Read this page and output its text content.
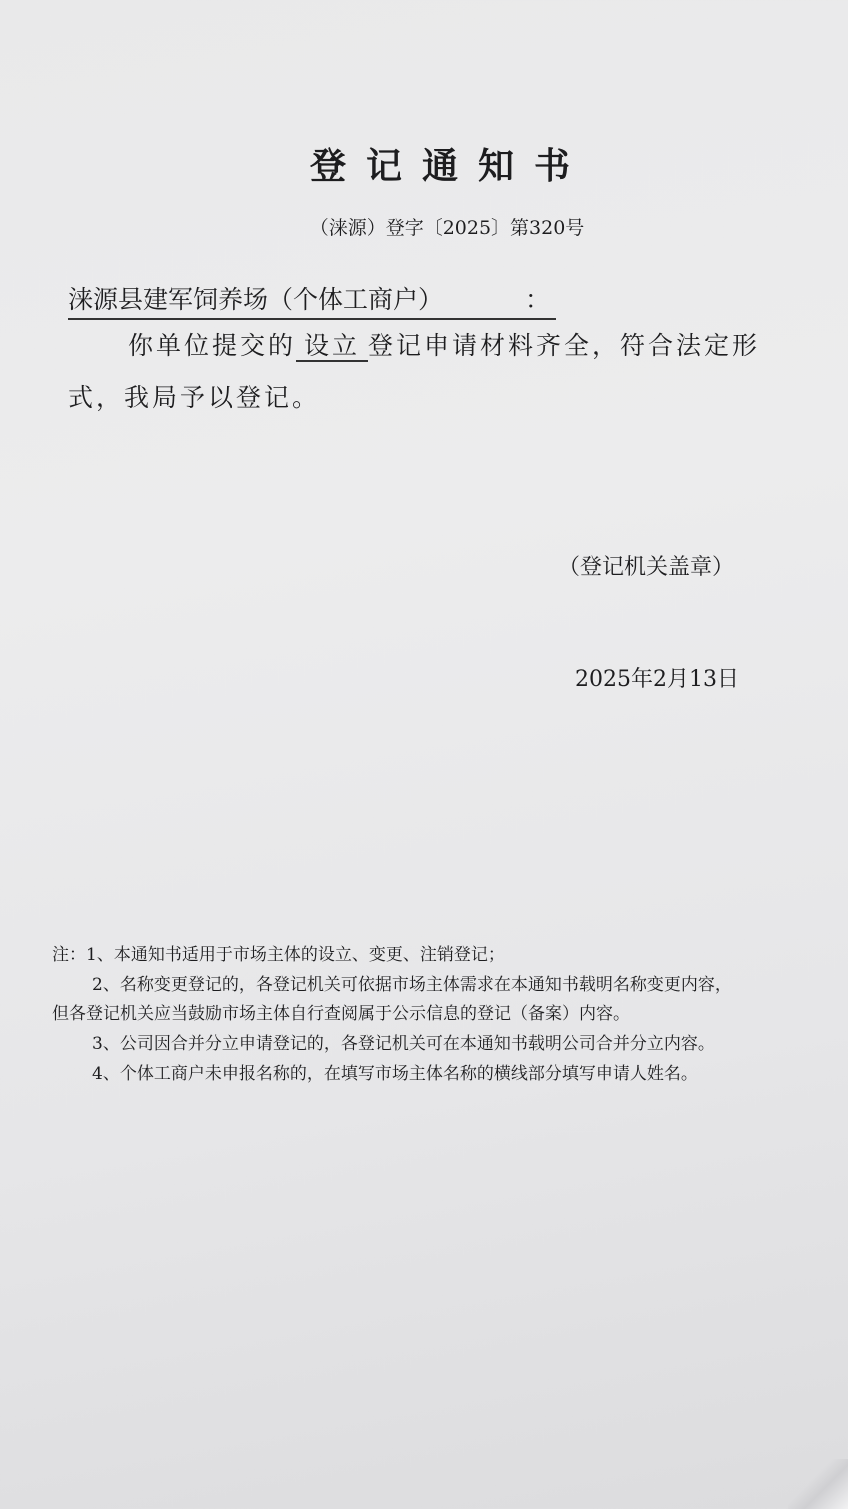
登记通知书
（涞源）登字〔2025〕第320号
涞源县建军饲养场（个体工商户）	：
你单位提交的 设立 登记申请材料齐全，符合法定形
式，我局予以登记。
（登记机关盖章）
2025年2月13日
注：1、本通知书适用于市场主体的设立、变更、注销登记；
2、名称变更登记的，各登记机关可依据市场主体需求在本通知书载明名称变更内容，
但各登记机关应当鼓励市场主体自行查阅属于公示信息的登记（备案）内容。
3、公司因合并分立申请登记的，各登记机关可在本通知书载明公司合并分立内容。
4、个体工商户未申报名称的，在填写市场主体名称的横线部分填写申请人姓名。
